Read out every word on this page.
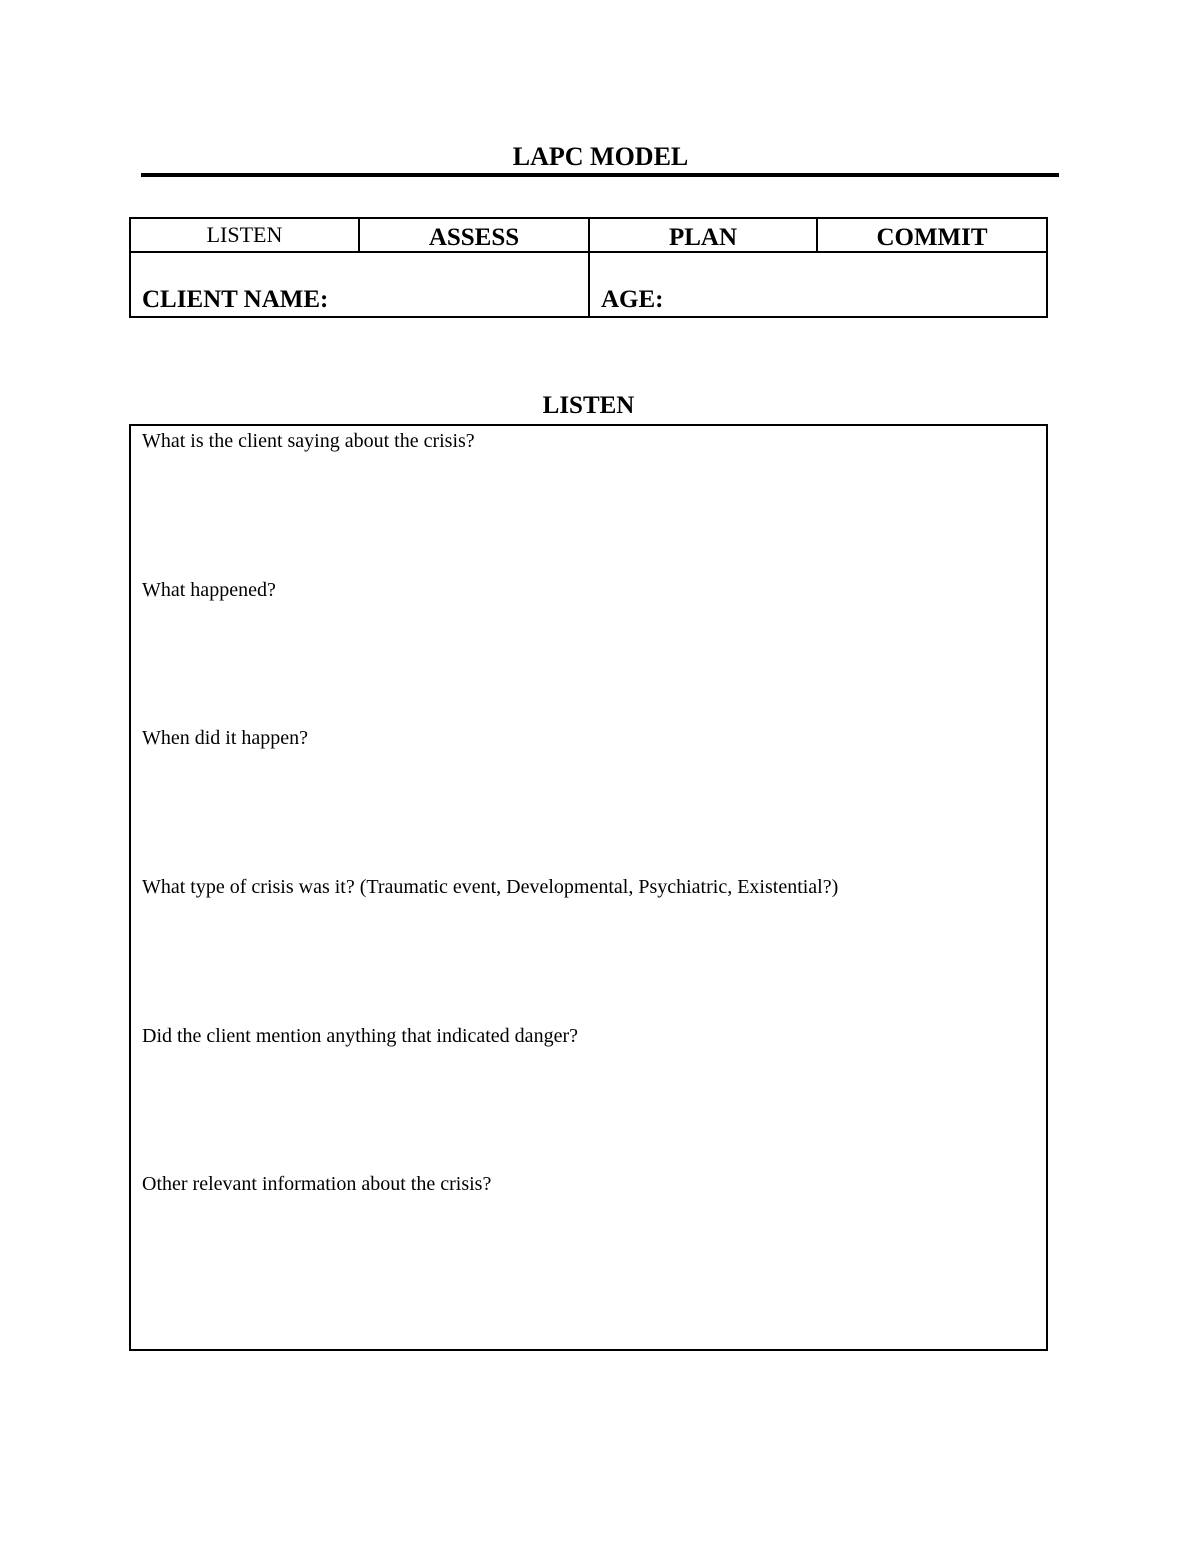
LAPC MODEL
LISTEN	ASSESS	PLAN	COMMIT
CLIENT NAME:	AGE:
LISTEN
What is the client saying about the crisis?
What happened?
When did it happen?
What type of crisis was it? (Traumatic event, Developmental, Psychiatric, Existential?)
Did the client mention anything that indicated danger?
Other relevant information about the crisis?
